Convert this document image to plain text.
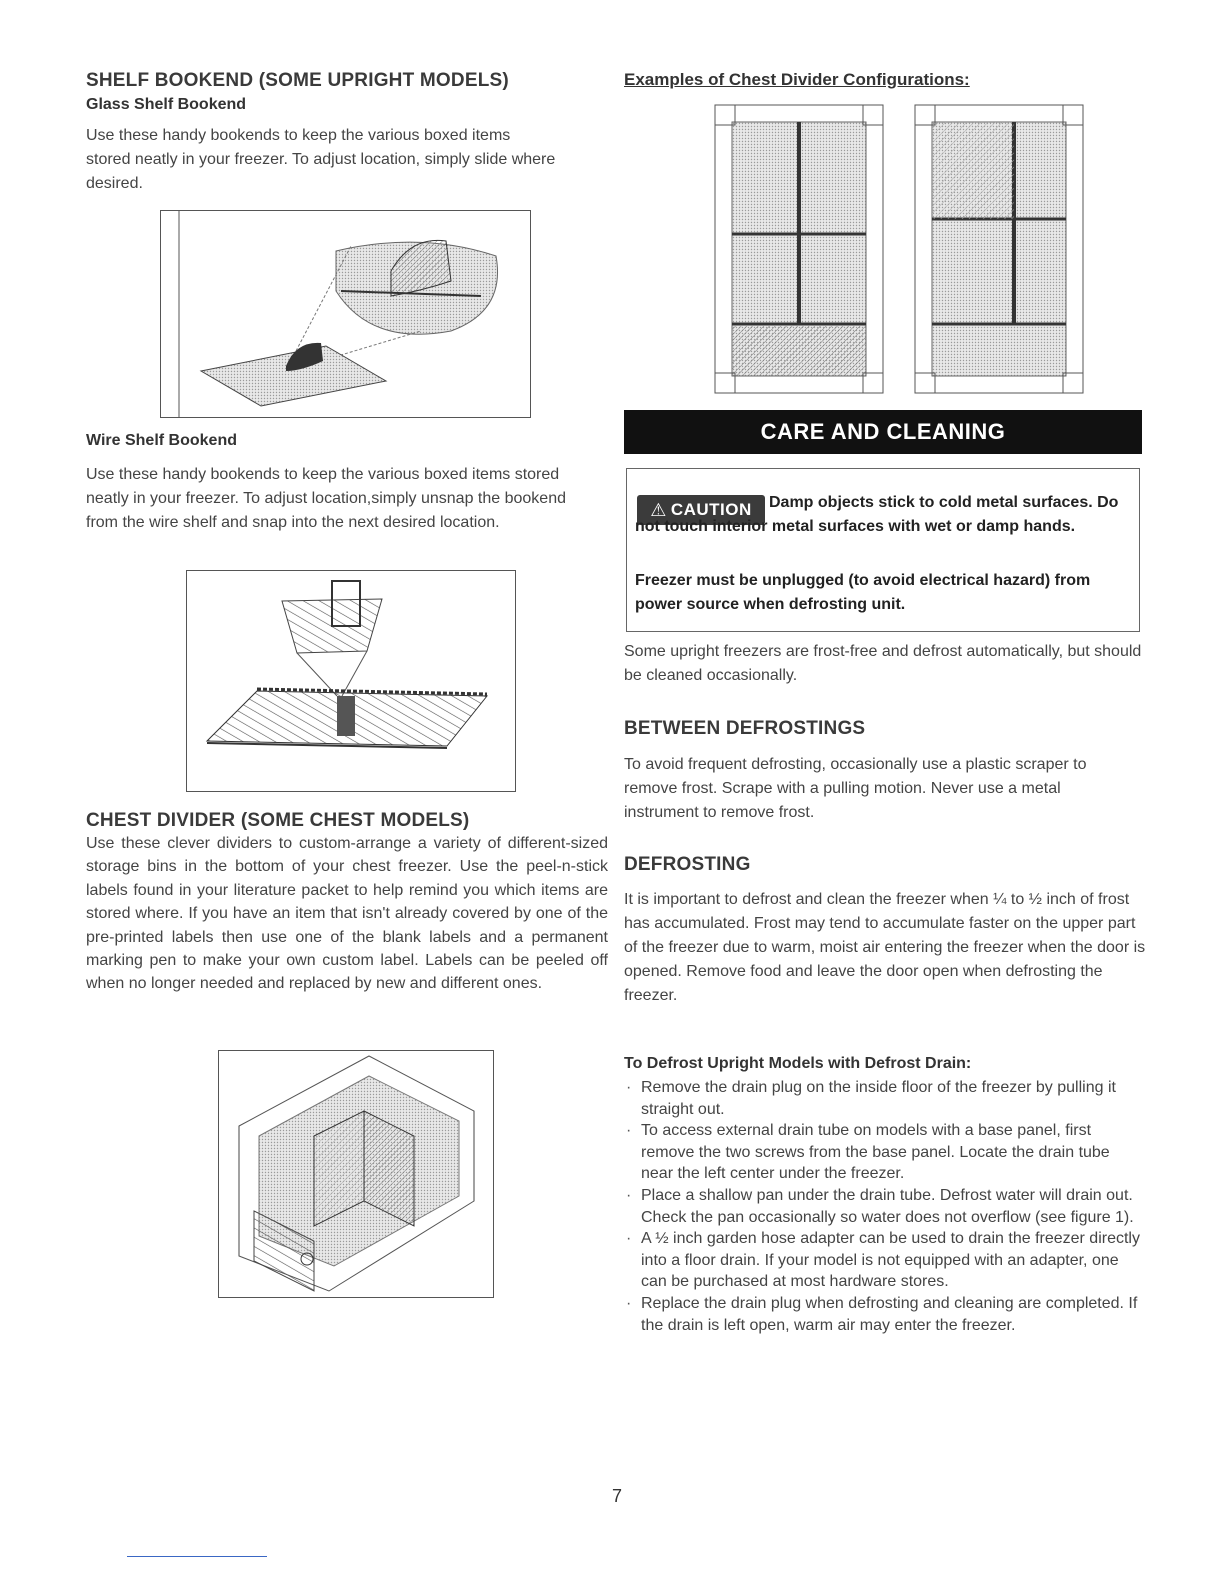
SHELF BOOKEND (SOME UPRIGHT MODELS)
Glass Shelf Bookend

Use these handy bookends to keep the various boxed items stored neatly in your freezer. To adjust location, simply slide where desired.

Wire Shelf Bookend

Use these handy bookends to keep the various boxed items stored neatly in your freezer. To adjust location,simply unsnap the bookend from the wire shelf and snap into the next desired location.

CHEST DIVIDER (SOME CHEST MODELS)

Use these clever dividers to custom-arrange a variety of different-sized storage bins in the bottom of your chest freezer. Use the peel-n-stick labels found in your literature packet to help remind you which items are stored where. If you have an item that isn't already covered by one of the pre-printed labels then use one of the blank labels and a permanent marking pen to make your own custom label. Labels can be peeled off when no longer needed and replaced by new and different ones.

Examples of Chest Divider Configurations:
CARE AND CLEANING
⚠ CAUTION	Damp objects stick to cold metal surfaces. Do not touch interior metal surfaces with wet or damp hands.

Freezer must be unplugged (to avoid electrical hazard) from power source when defrosting unit.

Some upright freezers are frost-free and defrost automatically, but should be cleaned occasionally.

BETWEEN DEFROSTINGS

To avoid frequent defrosting, occasionally use a plastic scraper to remove frost. Scrape with a pulling motion. Never use a metal instrument to remove frost.

DEFROSTING

It is important to defrost and clean the freezer when ¼ to ½ inch of frost has accumulated. Frost may tend to accumulate faster on the upper part of the freezer due to warm, moist air entering the freezer when the door is opened. Remove food and leave the door open when defrosting the freezer.

To Defrost Upright Models with Defrost Drain:
· Remove the drain plug on the inside floor of the freezer by pulling it straight out.
· To access external drain tube on models with a base panel, first remove the two screws from the base panel. Locate the drain tube near the left center under the freezer.
· Place a shallow pan under the drain tube. Defrost water will drain out. Check the pan occasionally so water does not overflow (see figure 1).
· A ½ inch garden hose adapter can be used to drain the freezer directly into a floor drain. If your model is not equipped with an adapter, one can be purchased at most hardware stores.
· Replace the drain plug when defrosting and cleaning are completed. If the drain is left open, warm air may enter the freezer.
7
